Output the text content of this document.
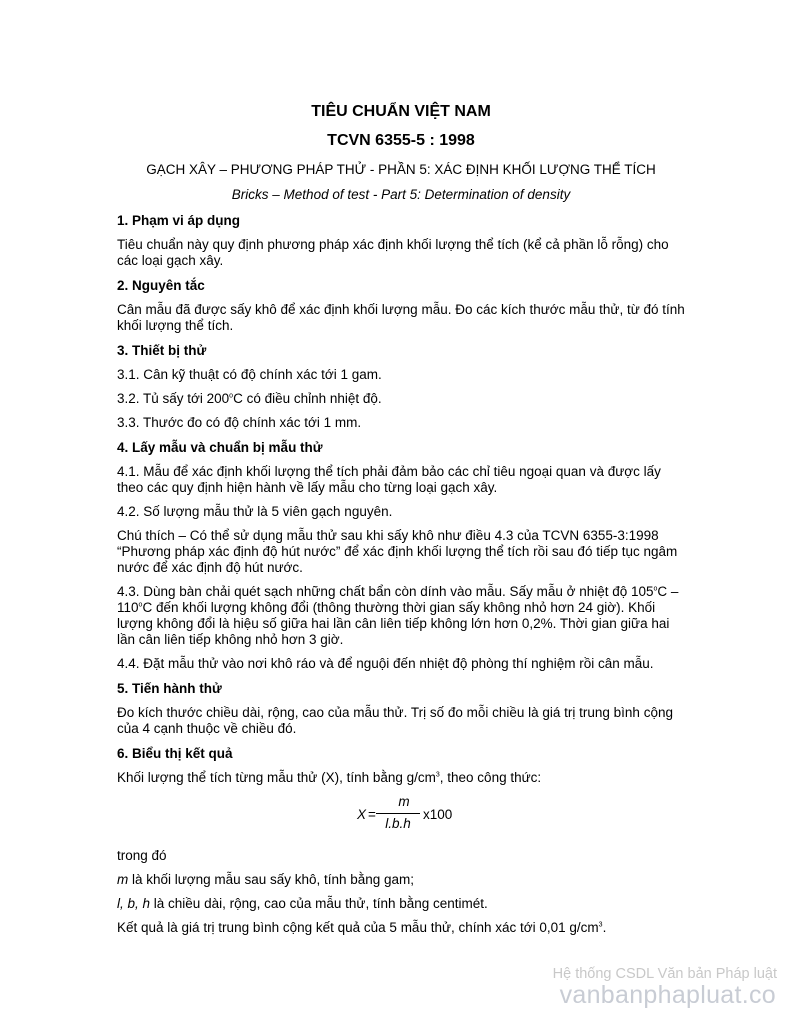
TIÊU CHUẨN VIỆT NAM

TCVN 6355-5 : 1998

GẠCH XÂY – PHƯƠNG PHÁP THỬ - PHẦN 5: XÁC ĐỊNH KHỐI LƯỢNG THỂ TÍCH

Bricks – Method of test - Part 5: Determination of density

1. Phạm vi áp dụng

Tiêu chuẩn này quy định phương pháp xác định khối lượng thể tích (kể cả phần lỗ rỗng) cho các loại gạch xây.

2. Nguyên tắc

Cân mẫu đã được sấy khô để xác định khối lượng mẫu. Đo các kích thước mẫu thử, từ đó tính khối lượng thể tích.

3. Thiết bị thử

3.1. Cân kỹ thuật có độ chính xác tới 1 gam.

3.2. Tủ sấy tới 200$^o$C có điều chỉnh nhiệt độ.

3.3. Thước đo có độ chính xác tới 1 mm.

4. Lấy mẫu và chuẩn bị mẫu thử

4.1. Mẫu để xác định khối lượng thể tích phải đảm bảo các chỉ tiêu ngoại quan và được lấy theo các quy định hiện hành về lấy mẫu cho từng loại gạch xây.

4.2. Số lượng mẫu thử là 5 viên gạch nguyên.

Chú thích – Có thể sử dụng mẫu thử sau khi sấy khô như điều 4.3 của TCVN 6355-3:1998 “Phương pháp xác định độ hút nước” để xác định khối lượng thể tích rồi sau đó tiếp tục ngâm nước để xác định độ hút nước.

4.3. Dùng bàn chải quét sạch những chất bẩn còn dính vào mẫu. Sấy mẫu ở nhiệt độ 105$^o$C – 110$^o$C đến khối lượng không đổi (thông thường thời gian sấy không nhỏ hơn 24 giờ). Khối lượng không đổi là hiệu số giữa hai lần cân liên tiếp không lớn hơn 0,2%. Thời gian giữa hai lần cân liên tiếp không nhỏ hơn 3 giờ.

4.4. Đặt mẫu thử vào nơi khô ráo và để nguội đến nhiệt độ phòng thí nghiệm rồi cân mẫu.

5. Tiến hành thử

Đo kích thước chiều dài, rộng, cao của mẫu thử. Trị số đo mỗi chiều là giá trị trung bình cộng của 4 cạnh thuộc về chiều đó.

6. Biểu thị kết quả

Khối lượng thể tích từng mẫu thử (X), tính bằng $g/cm^3$, theo công thức:

X =
m
l.b.h
x100

trong đó

m là khối lượng mẫu sau sấy khô, tính bằng gam;

l, b, h là chiều dài, rộng, cao của mẫu thử, tính bằng centimét.

Kết quả là giá trị trung bình cộng kết quả của 5 mẫu thử, chính xác tới 0,01 $g/cm^3$.

Hệ thống CSDL Văn bản Pháp luật
vanbanphapluat.co
